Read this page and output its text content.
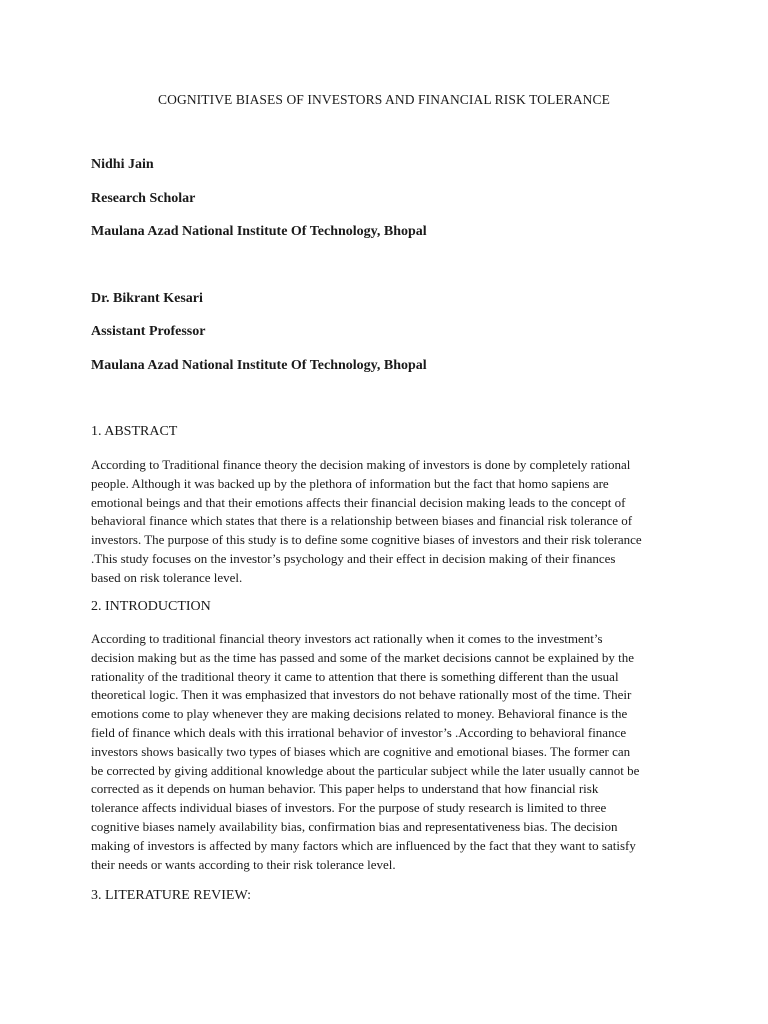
COGNITIVE BIASES OF INVESTORS AND FINANCIAL RISK TOLERANCE
Nidhi Jain
Research Scholar
Maulana Azad National Institute Of Technology, Bhopal
Dr. Bikrant Kesari
Assistant Professor
Maulana Azad National Institute Of Technology, Bhopal
1. ABSTRACT
According to Traditional finance theory the decision making of investors is done by completely rational
people. Although it was backed up by the plethora of information but the fact that homo sapiens are
emotional beings and that their emotions affects their financial decision making leads to the concept of
behavioral finance which states that there is a relationship between biases and financial risk tolerance of
investors. The purpose of this study is to define some cognitive biases of investors and their risk tolerance
.This study focuses on the investor’s psychology and their effect in decision making of their finances
based on risk tolerance level.
2. INTRODUCTION
According to traditional financial theory investors act rationally when it comes to the investment’s
decision making but as the time has passed and some of the market decisions cannot be explained by the
rationality of the traditional theory it came to attention that there is something different than the usual
theoretical logic. Then it was emphasized that investors do not behave rationally most of the time. Their
emotions come to play whenever they are making decisions related to money. Behavioral finance is the
field of finance which deals with this irrational behavior of investor’s .According to behavioral finance
investors shows basically two types of biases which are cognitive and emotional biases. The former can
be corrected by giving additional knowledge about the particular subject while the later usually cannot be
corrected as it depends on human behavior. This paper helps to understand that how financial risk
tolerance affects individual biases of investors. For the purpose of study research is limited to three
cognitive biases namely availability bias, confirmation bias and representativeness bias. The decision
making of investors is affected by many factors which are influenced by the fact that they want to satisfy
their needs or wants according to their risk tolerance level.
3. LITERATURE REVIEW:
